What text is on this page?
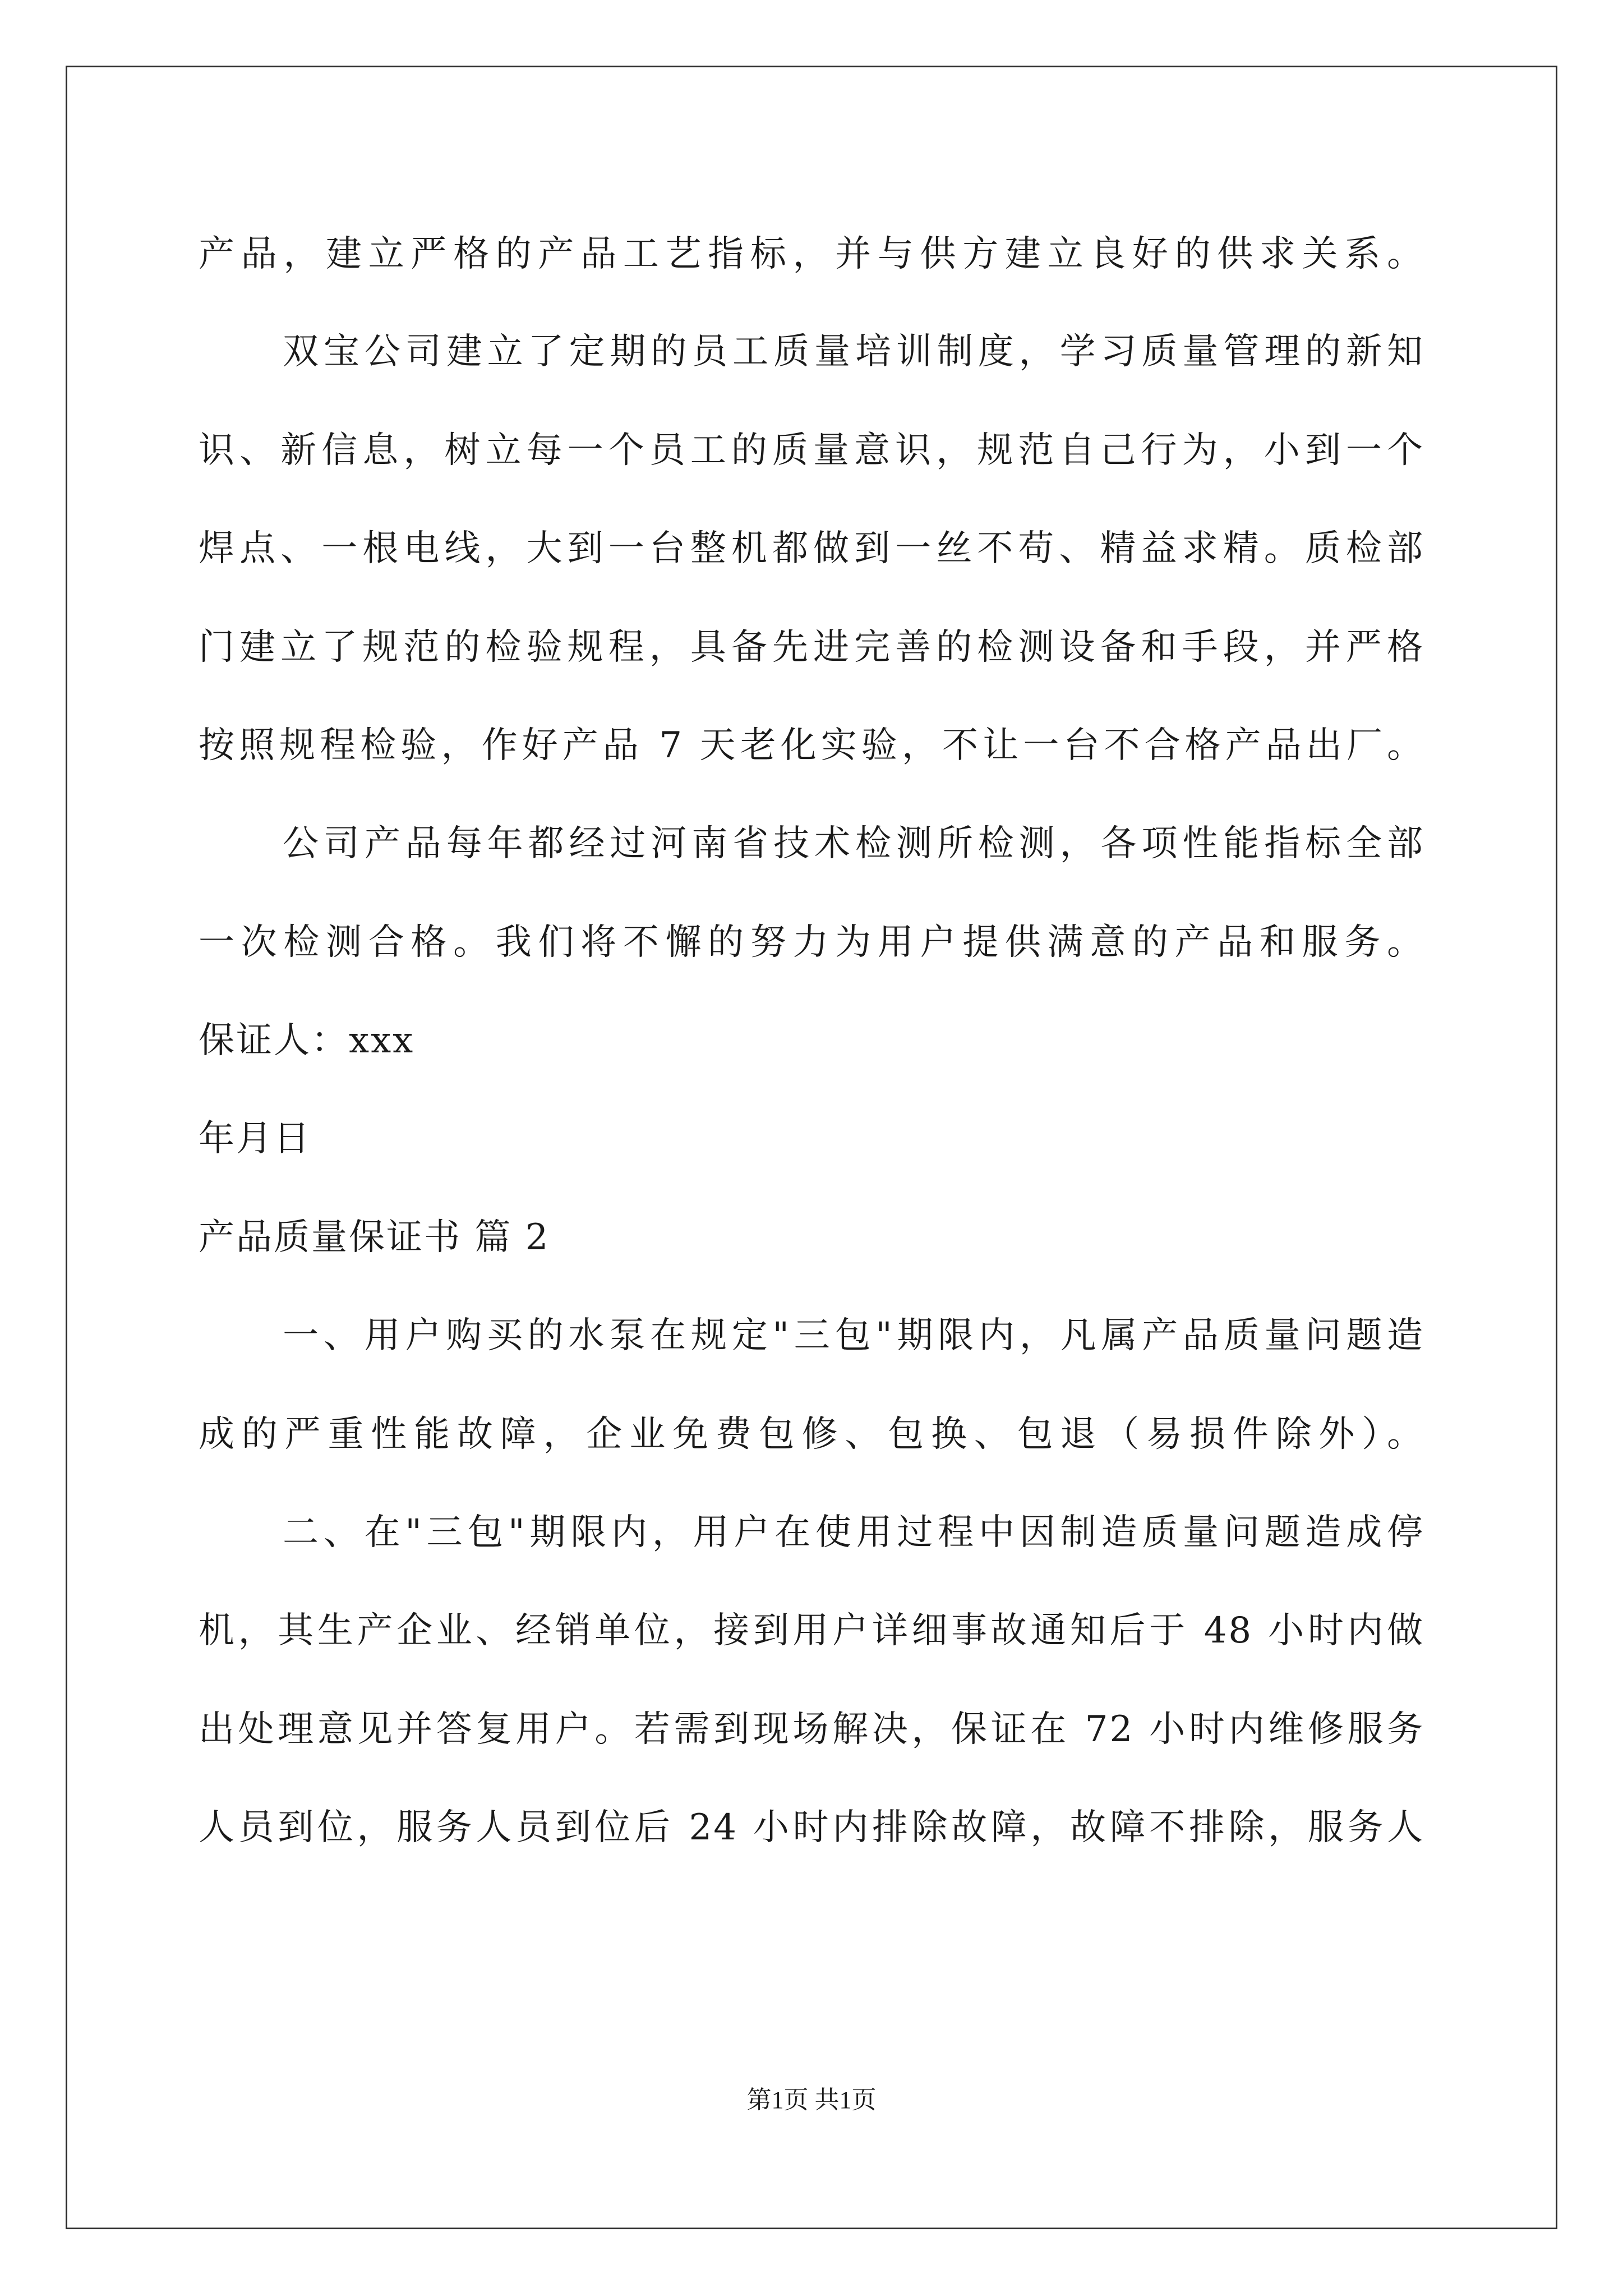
产品，建立严格的产品工艺指标，并与供方建立良好的供求关系。
双宝公司建立了定期的员工质量培训制度，学习质量管理的新知
识、新信息，树立每一个员工的质量意识，规范自己行为，小到一个
焊点、一根电线，大到一台整机都做到一丝不苟、精益求精。质检部
门建立了规范的检验规程，具备先进完善的检测设备和手段，并严格
按照规程检验，作好产品 7 天老化实验，不让一台不合格产品出厂。
公司产品每年都经过河南省技术检测所检测，各项性能指标全部
一次检测合格。我们将不懈的努力为用户提供满意的产品和服务。
保证人：xxx
年月日
产品质量保证书 篇 2
一、用户购买的水泵在规定"三包"期限内，凡属产品质量问题造
成的严重性能故障，企业免费包修、包换、包退（易损件除外）。
二、在"三包"期限内，用户在使用过程中因制造质量问题造成停
机，其生产企业、经销单位，接到用户详细事故通知后于 48 小时内做
出处理意见并答复用户。若需到现场解决，保证在 72 小时内维修服务
人员到位，服务人员到位后 24 小时内排除故障，故障不排除，服务人
第1页 共1页
